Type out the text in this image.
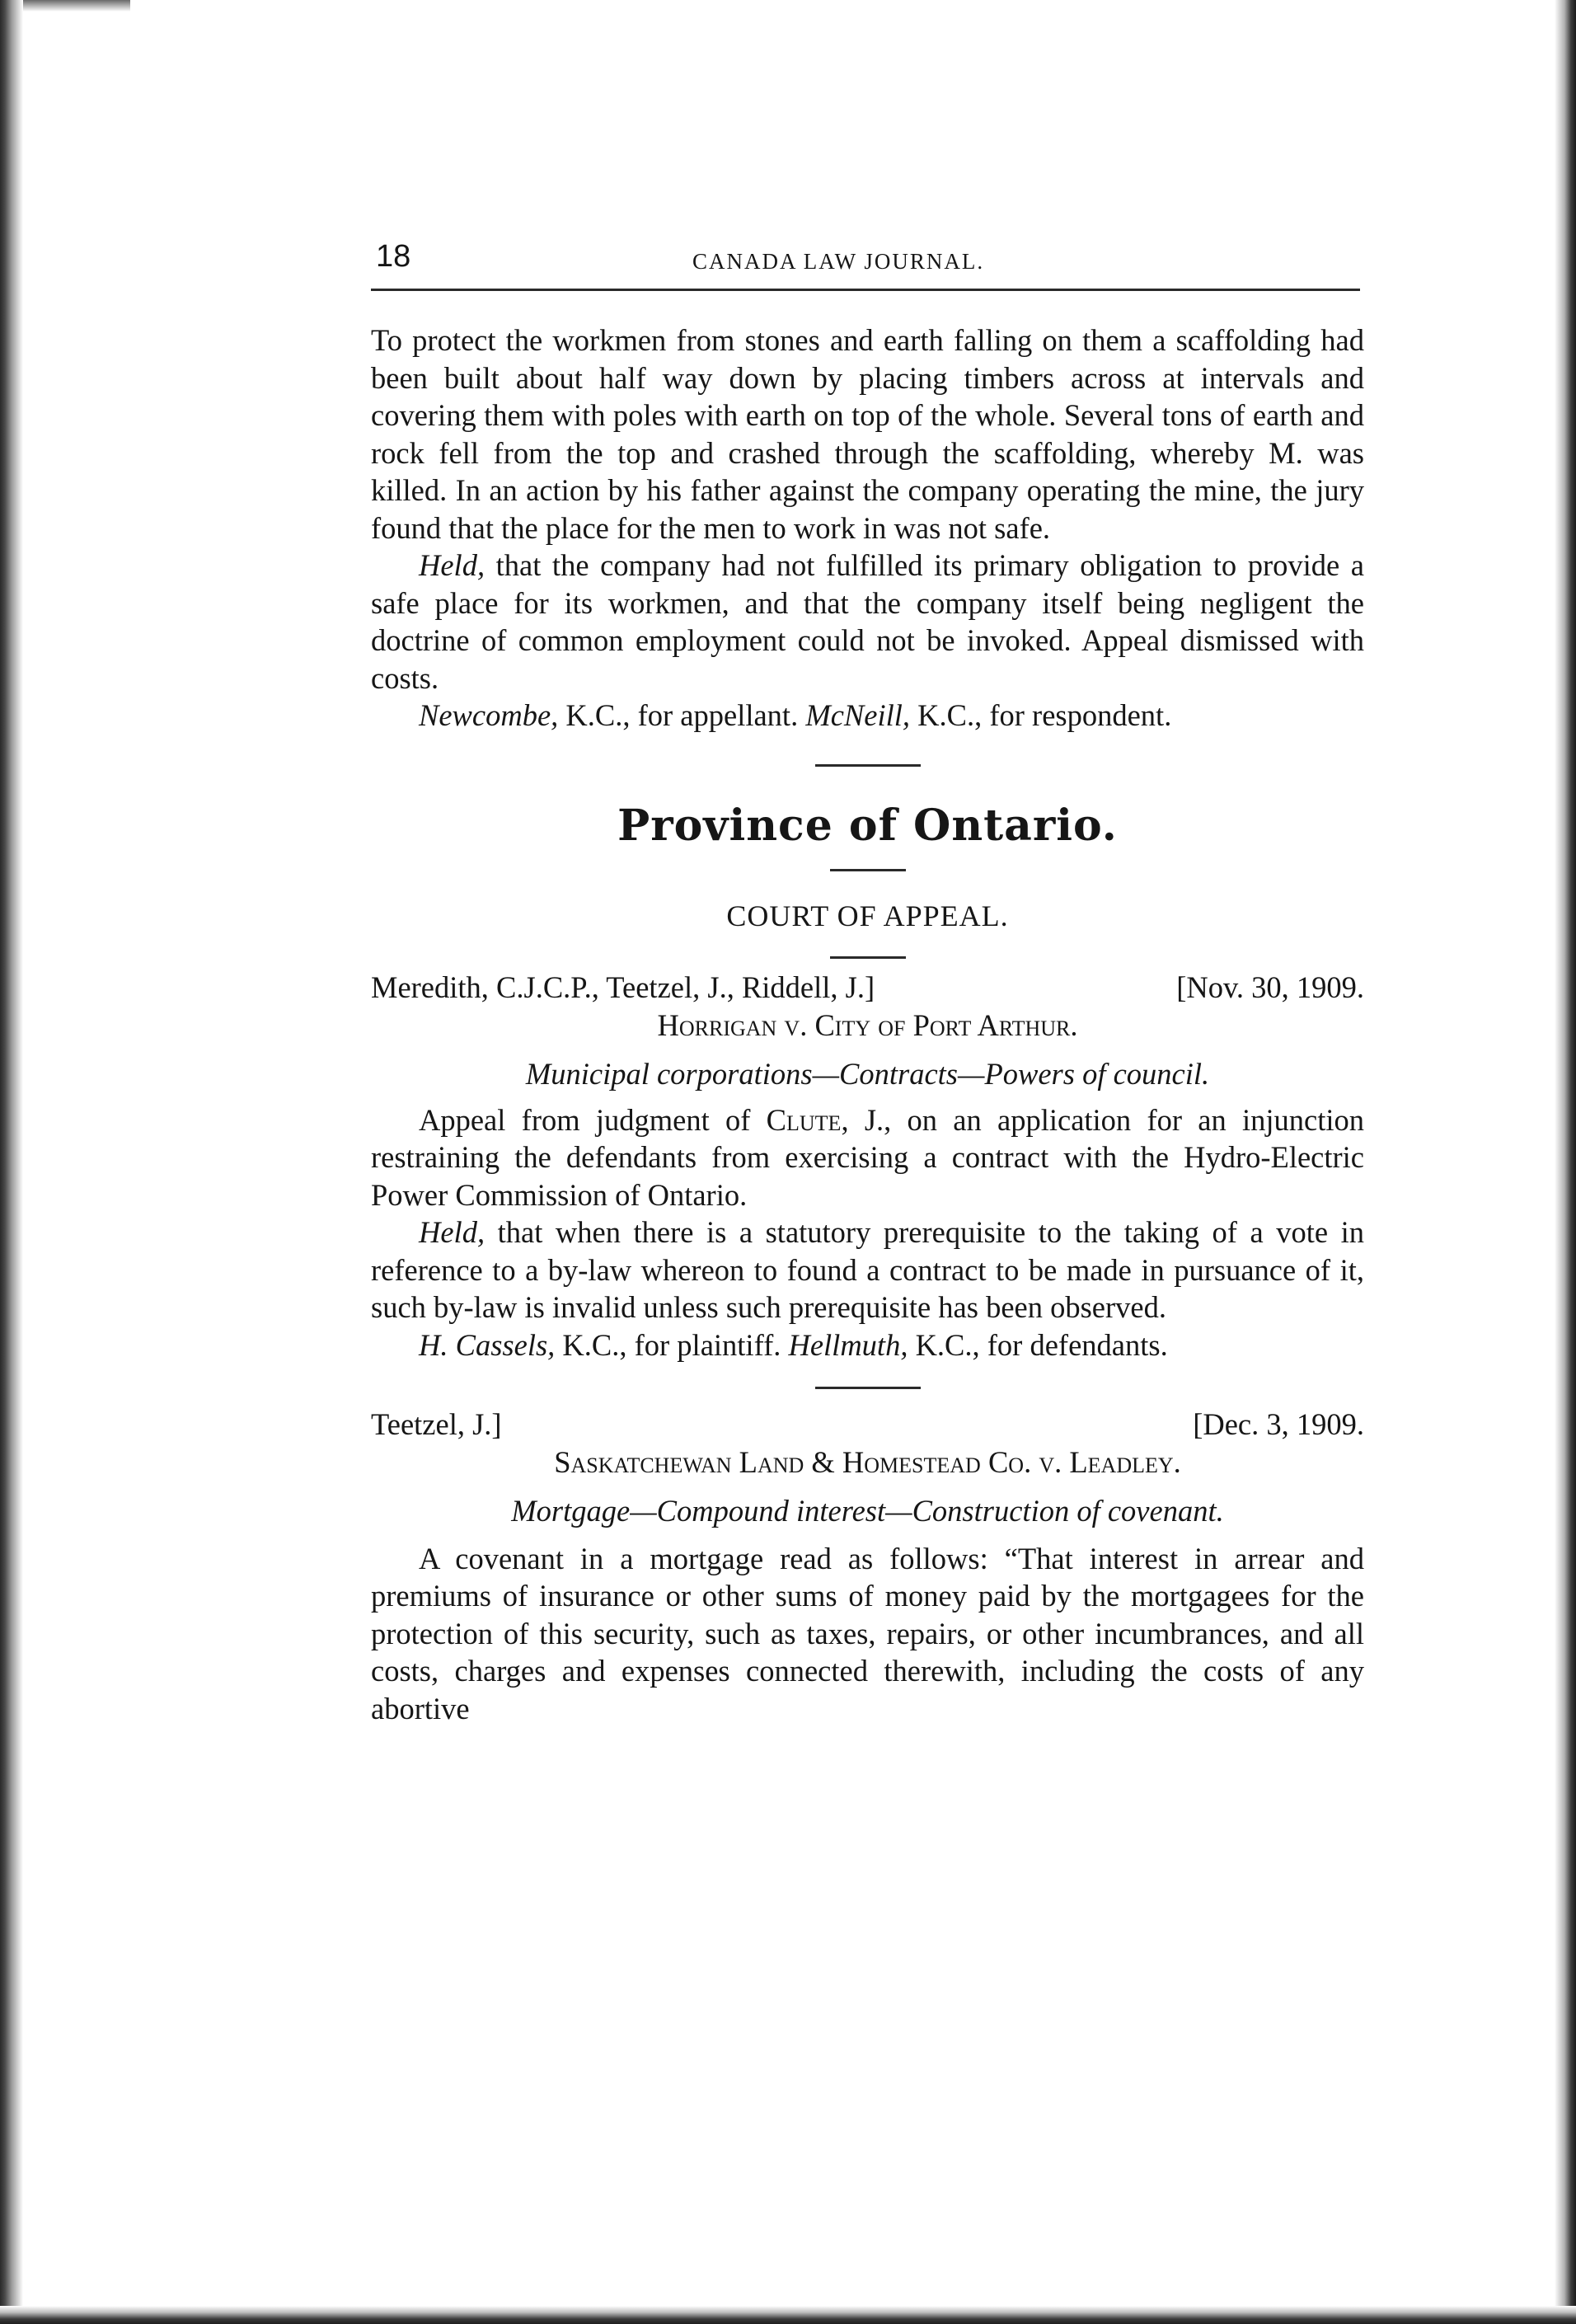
18	CANADA LAW JOURNAL.

To protect the workmen from stones and earth falling on them a scaffolding had been built about half way down by placing timbers across at intervals and covering them with poles with earth on top of the whole. Several tons of earth and rock fell from the top and crashed through the scaffolding, whereby M. was killed. In an action by his father against the company operating the mine, the jury found that the place for the men to work in was not safe.

Held, that the company had not fulfilled its primary obligation to provide a safe place for its workmen, and that the company itself being negligent the doctrine of common employment could not be invoked. Appeal dismissed with costs.

Newcombe, K.C., for appellant. McNeill, K.C., for respondent.

Province of Ontario.
COURT OF APPEAL.
Meredith, C.J.C.P., Teetzel, J., Riddell, J.]	[Nov. 30, 1909.
Horrigan v. City of Port Arthur.
Municipal corporations—Contracts—Powers of council.

Appeal from judgment of Clute, J., on an application for an injunction restraining the defendants from exercising a contract with the Hydro-Electric Power Commission of Ontario.

Held, that when there is a statutory prerequisite to the taking of a vote in reference to a by-law whereon to found a contract to be made in pursuance of it, such by-law is invalid unless such prerequisite has been observed.

H. Cassels, K.C., for plaintiff. Hellmuth, K.C., for defendants.

Teetzel, J.]	[Dec. 3, 1909.
Saskatchewan Land & Homestead Co. v. Leadley.
Mortgage—Compound interest—Construction of covenant.

A covenant in a mortgage read as follows: “That interest in arrear and premiums of insurance or other sums of money paid by the mortgagees for the protection of this security, such as taxes, repairs, or other incumbrances, and all costs, charges and expenses connected therewith, including the costs of any abortive
